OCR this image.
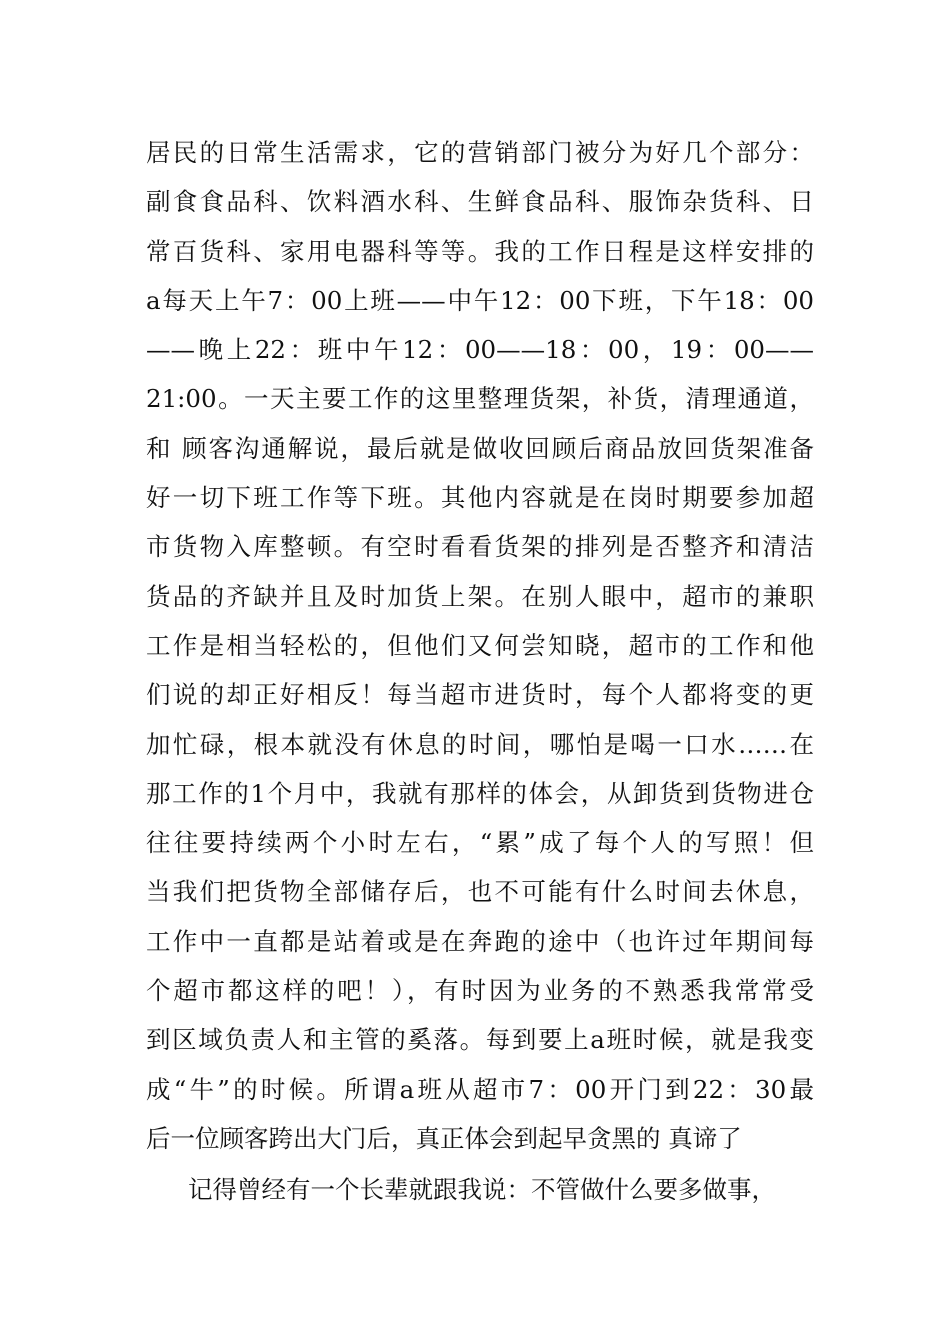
居民的日常生活需求，它的营销部门被分为好几个部分：
副食食品科、饮料酒水科、生鲜食品科、服饰杂货科、日
常百货科、家用电器科等等。我的工作日程是这样安排的
a每天上午7：00上班——中午12：00下班，下午18：00
——晚上22：班中午12：00——18：00，19：00——
21:00。一天主要工作的这里整理货架，补货，清理通道，
和 顾客沟通解说，最后就是做收回顾后商品放回货架准备
好一切下班工作等下班。其他内容就是在岗时期要参加超
市货物入库整顿。有空时看看货架的排列是否整齐和清洁
货品的齐缺并且及时加货上架。在别人眼中，超市的兼职
工作是相当轻松的，但他们又何尝知晓，超市的工作和他
们说的却正好相反！每当超市进货时，每个人都将变的更
加忙碌，根本就没有休息的时间，哪怕是喝一口水……在
那工作的1个月中，我就有那样的体会，从卸货到货物进仓
往往要持续两个小时左右，“累”成了每个人的写照！但
当我们把货物全部储存后，也不可能有什么时间去休息，
工作中一直都是站着或是在奔跑的途中（也许过年期间每
个超市都这样的吧！），有时因为业务的不熟悉我常常受
到区域负责人和主管的奚落。每到要上a班时候，就是我变
成“牛”的时候。所谓a班从超市7：00开门到22：30最
后一位顾客跨出大门后，真正体会到起早贪黑的 真谛了
记得曾经有一个长辈就跟我说：不管做什么要多做事，
